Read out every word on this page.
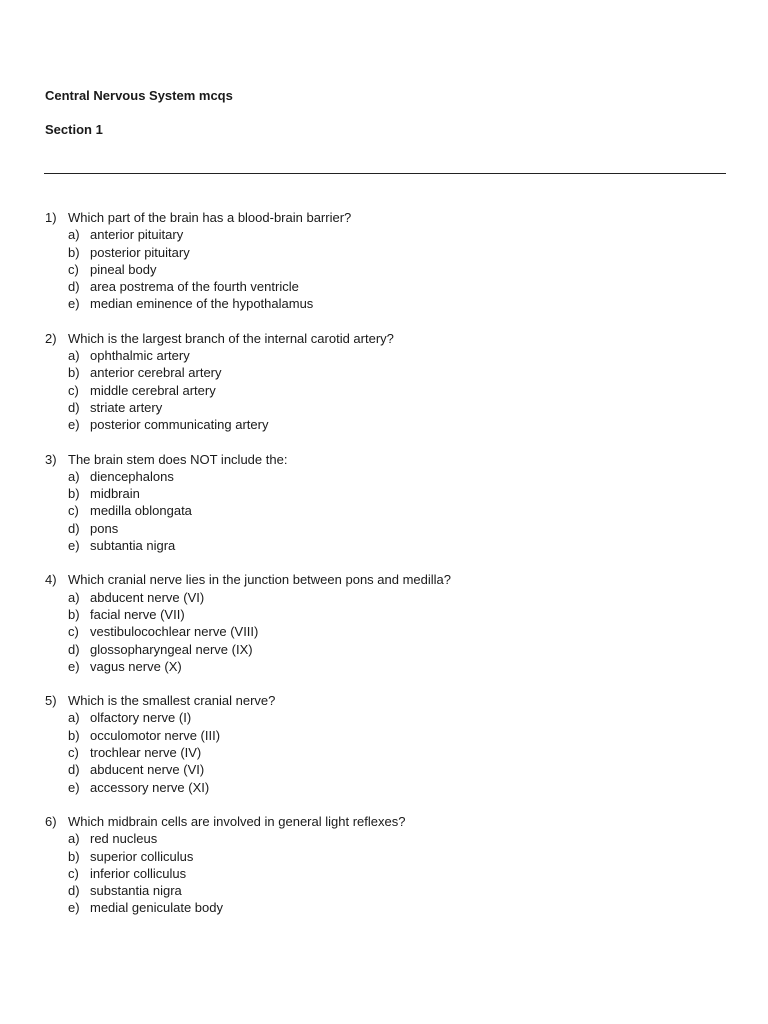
Central Nervous System mcqs
Section 1
1) Which part of the brain has a blood-brain barrier?
a) anterior pituitary
b) posterior pituitary
c) pineal body
d) area postrema of the fourth ventricle
e) median eminence of the hypothalamus
2) Which is the largest branch of the internal carotid artery?
a) ophthalmic artery
b) anterior cerebral artery
c) middle cerebral artery
d) striate artery
e) posterior communicating artery
3) The brain stem does NOT include the:
a) diencephalons
b) midbrain
c) medilla oblongata
d) pons
e) subtantia nigra
4) Which cranial nerve lies in the junction between pons and medilla?
a) abducent nerve (VI)
b) facial nerve (VII)
c) vestibulocochlear nerve (VIII)
d) glossopharyngeal nerve (IX)
e) vagus nerve (X)
5) Which is the smallest cranial nerve?
a) olfactory nerve (I)
b) occulomotor nerve (III)
c) trochlear nerve (IV)
d) abducent nerve (VI)
e) accessory nerve (XI)
6) Which midbrain cells are involved in general light reflexes?
a) red nucleus
b) superior colliculus
c) inferior colliculus
d) substantia nigra
e) medial geniculate body
